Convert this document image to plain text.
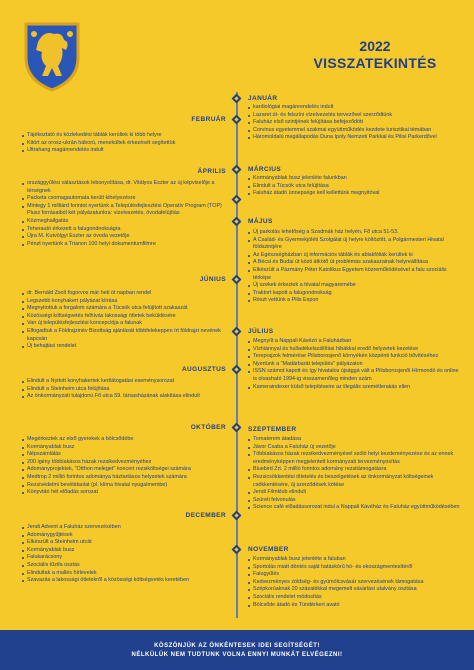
2022
VISSZATEKINTÉS
JANUÁR
kardiológiai magánrendelés indult
Lazaret út- és felszíni vízelvezetés tervezővel szerződtünk
Faluház első szintjének felújítása befejeződött
Corvinus egyetemmel szakmai együttműködés kezdete turisztikai témában
Háromoldalú megállapodás Duna Ipoly Nemzeti Parkkal és Pilisi Parkerdővel
FEBRUÁR
Tájékoztató és közlekedési táblák kerültek ki több helyre
Kitört az orosz-ukrán háború, menekültek érkezését segítettük
Ultrahang magánrendelés indult
MÁRCIUS
Kormányablak busz jelenléte falunkban
Elindult a Tücsök utca felújítása
Faluház átadó ünnepsége kell kellettünk megnyitóval
ÁPRILIS
országgyűlési választások lebonyolítása, dr. Vitályos Eszter az új képviselője a térségnek
Packeta csomagautomata került kihelyezésre
Mintegy 1 milliárd forintot nyertünk a Településfejlesztési Operatív Program (TOP) Plusz forrásaiból két pályázatunkra: vízelvezetés, óvodafelújítás
Közmeghallgatás
Teherautó érkezett a falugondnokságra
Újra M. Kutvölgyi Eszter az óvoda vezetője
Pénzt nyertünk a Trianon 100 helyi dokumentumfilmre
MÁJUS
Új parkolás lehetőség a Szadmák ház helyén, Fő utca 51-53.
A Család- és Gyermekjóléti Szolgálat új helyre költözött, a Polgármesteri Hivatal földszintjére
Az Egészségházban új információs táblák és ablakfóliák kerültek ki
A Bécsi és Budai út közti átkötő út problémás szakaszainak helyreállítása
Elkészült a Pázmány Péter Katolikus Egyetem közreműködésével a falu szociális térképe
Új szekek érkeztek a hivatal magyaremébe
Traktort kapott a falugondnokság
Részt vettünk a Pilis Expon
JÚNIUS
dr. Bernáld Zsolt fogorvos már heti öt napban rendel
Legszebb konyhakert pályázat kiírása
Megnyitottuk a forgalom számára a Tücsök utca felújított szakaszát
Közösségi költségvetés felhívás lakossági ötletek beküldésére
Van új településfejlesztési koncepciója a falunak
Elfogadtuk a Földrajzinév Bizottság ajánlását többfelekeppen írt földrajzi nevének kapcsán
Új behajtási rendelet
JÚLIUS
Megnyílt a Nappali Kávézó a Faluházban
Vízhiánnyal és hulladékelszállítási hibákkal eredő helyzetek kezelése
Tereprajzok felmérése Pilisborosjenő környékén közpénti funkció bővítéséhez
Nyertünk a "Madárbarát település" pályázaton
ISSN számot kapott és így hivatalos újsággá vált a Pilisborosjenői Hírmondó és online is olvasható 1994-ig visszamenőleg minden szám
Kameraindexer külső telepítéseire az illegális szemétlerakás ellen
AUGUSZTUS
Elindult a Nyitott konyhakertek kertlátogatási eseménysorozat
Elindult a Steinheim utca felújítása
Az önkormányzati tulajdonú Fő utca 59. társasházának alakítása elindult
SZEPTEMBER
Tornaterem átadása
Jávor Csaba a Faluház új vezetője
Többlakásos házak rezsikedvezményével szóló helyi kezdeményezése és az ennek eredményképpen megjelentett kormányzati tervezményosítás
Bluebird Zrt. 2 millió forintos adomány rezsitámogatásra
Rezsicsökkentési ötletelés és beszélgetések az önkormányzat költségeinek csökkentésére, új szerződések kötése
Jendi Filmklub elindult
Szüreti felvonulás
Science café előadássorozat indul a Nappali Kávéház és Faluház együttműködésében
OKTÓBER
Megérkeztek az első gyerekek a bölcsődébe
Kormányablak busz
Népszámlálás
200 igény többlakásos házak rezsikedvezményéhez
Adományprojektek, "Otthon meleget" koncert rezsiköltségei számára
Medtrop 2 millió forintos adománya háztartásos helyzetek számára
Rezsivédelmi bevétidaolat (pl. klíma hivatal nyugalmembe)
Könyvtári hét előadás sorozat
DECEMBER
Jendi Advent a Faluház szervezésében
Adománygyűjtések
Elkészült a Steinheim utcát
Kormányablak busz
Falukarácsony
Szociális tűzifa osztás
Elindultak a mallés hírlevelek
Szavazás a lakossági ötletekről a közösségi költségvetés keretében
NOVEMBER
Kormányablak busz jelenléte a faluban
Sportolás miatt döntés saját hatáskörű hó- és ekoszágmentesítéről
Falugyűlés
Kedvezményes zöldség- és gyümölcsvásár szervezésének támogatása
Szépkorúaknak 20 százalékkal megemelt vásárlási utalvány osztása
Szociális rendelet módosítás
Bölcsőde átadó és Tündérkert avató
KÖSZÖNJÜK AZ ÖNKÉNTESEK IDEI SEGÍTSÉGÉT!
NÉLKÜLÜK NEM TUDTUNK VOLNA ENNYI MUNKÁT ELVÉGEZNI!
